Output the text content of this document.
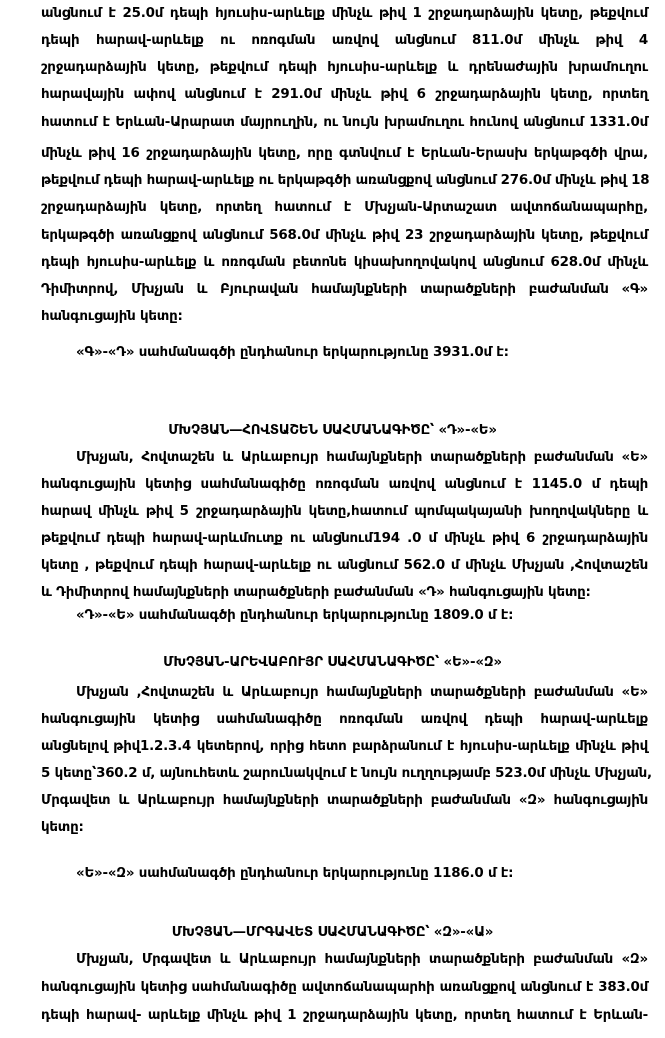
անցնում է 25.0մ դեպի հյուսիս-արևելք մինչև թիվ 1 շրջադարձային կետը, թեքվում
դեպի հարավ-արևելք ու ոռոգման առվով անցնում 811.0մ մինչև թիվ 4
շրջադարձային կետը, թեքվում դեպի հյուսիս-արևելք և դրենաժային խրամուղու
հարավային ափով անցնում է 291.0մ մինչև թիվ 6 շրջադարձային կետը, որտեղ
հատում է Երևան-Արարատ մայրուղին, ու նույն խրամուղու հունով անցնում 1331.0մ
մինչև թիվ 16 շրջադարձային կետը, որը գտնվում է Երևան-Երասխ երկաթգծի վրա,
թեքվում դեպի հարավ-արևելք ու երկաթգծի առանցքով անցնում 276.0մ մինչև թիվ 18
շրջադարձային կետը, որտեղ հատում է Մխչյան-Արտաշատ ավտոճանապարհը,
երկաթգծի առանցքով անցնում 568.0մ մինչև թիվ 23 շրջադարձային կետը, թեքվում
դեպի հյուսիս-արևելք և ոռոգման բետոնե կիսախողովակով անցնում 628.0մ մինչև
Դիմիտրով, Մխչյան և Բյուրավան համայնքների տարածքների բաժանման «Գ»
հանգուցային կետը:
«Գ»-«Դ» սահմանագծի ընդհանուր երկարությունը 3931.0մ է:
ՄԽՉՅԱՆ—ՀՈՎՏԱՇԵՆ ՍԱՀՄԱՆԱԳԻԾԸ՝ «Դ»-«Ե»
Մխչյան, Հովտաշեն և Արևաբույր համայնքների տարածքների բաժանման «Ե»
հանգուցային կետից սահմանագիծը ոռոգման առվով անցնում է 1145.0 մ դեպի
հարավ մինչև թիվ 5 շրջադարձային կետը,հատում պոմպակայանի խողովակները և
թեքվում դեպի հարավ-արևմուտք ու անցնում194 .0 մ մինչև թիվ 6 շրջադարձային
կետը , թեքվում դեպի հարավ-արևելք ու անցնում 562.0 մ մինչև Մխչյան ,Հովտաշեն
և Դիմիտրով համայնքների տարածքների բաժանման «Դ» հանգուցային կետը:
«Դ»-«Ե» սահմանագծի ընդհանուր երկարությունը 1809.0 մ է:
ՄԽՉՅԱՆ-ԱՐԵՎԱԲՈՒՅՐ ՍԱՀՄԱՆԱԳԻԾԸ՝ «Ե»-«Զ»
Մխչյան ,Հովտաշեն և Արևաբույր համայնքների տարածքների բաժանման «Ե»
հանգուցային կետից սահմանագիծը ոռոգման առվով դեպի հարավ-արևելք
անցնելով թիվ1.2.3.4 կետերով, որից հետո բարձրանում է հյուսիս-արևելք մինչև թիվ
5 կետը՝360.2 մ, այնուհետև շարունակվում է նույն ուղղությամբ 523.0մ մինչև Մխչյան,
Մրգավետ և Արևաբույր համայնքների տարածքների բաժանման «Զ» հանգուցային
կետը:
«Ե»-«Զ» սահմանագծի ընդհանուր երկարությունը 1186.0 մ է:
ՄԽՉՅԱՆ—ՄՐԳԱՎԵՏ ՍԱՀՄԱՆԱԳԻԾԸ՝ «Զ»-«Ա»
Մխչյան, Մրգավետ և Արևաբույր համայնքների տարածքների բաժանման «Զ»
հանգուցային կետից սահմանագիծը ավտոճանապարհի առանցքով անցնում է 383.0մ
դեպի հարավ- արևելք մինչև թիվ 1 շրջադարձային կետը, որտեղ հատում է Երևան-
